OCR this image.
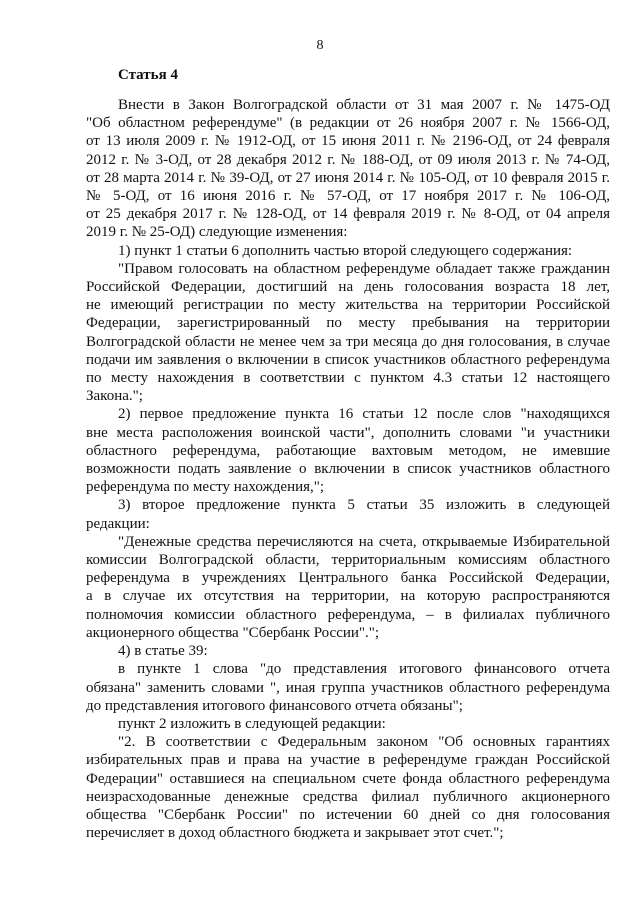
8
Статья 4
Внести в Закон Волгоградской области от 31 мая 2007 г. № 1475-ОД
"Об областном референдуме" (в редакции от 26 ноября 2007 г. № 1566-ОД,
от 13 июля 2009 г. № 1912-ОД, от 15 июня 2011 г. № 2196-ОД, от 24 февраля
2012 г. № 3-ОД, от 28 декабря 2012 г. № 188-ОД, от 09 июля 2013 г. № 74-ОД,
от 28 марта 2014 г. № 39-ОД, от 27 июня 2014 г. № 105-ОД, от 10 февраля 2015 г.
№ 5-ОД, от 16 июня 2016 г. № 57-ОД, от 17 ноября 2017 г. № 106-ОД,
от 25 декабря 2017 г. № 128-ОД, от 14 февраля 2019 г. № 8-ОД, от 04 апреля
2019 г. № 25-ОД) следующие изменения:
1) пункт 1 статьи 6 дополнить частью второй следующего содержания:
"Правом голосовать на областном референдуме обладает также гражданин
Российской Федерации, достигший на день голосования возраста 18 лет,
не имеющий регистрации по месту жительства на территории Российской
Федерации, зарегистрированный по месту пребывания на территории
Волгоградской области не менее чем за три месяца до дня голосования, в случае
подачи им заявления о включении в список участников областного референдума
по месту нахождения в соответствии с пунктом 4.3 статьи 12 настоящего
Закона.";
2) первое предложение пункта 16 статьи 12 после слов "находящихся
вне места расположения воинской части", дополнить словами "и участники
областного референдума, работающие вахтовым методом, не имевшие
возможности подать заявление о включении в список участников областного
референдума по месту нахождения,";
3) второе предложение пункта 5 статьи 35 изложить в следующей
редакции:
"Денежные средства перечисляются на счета, открываемые Избирательной
комиссии Волгоградской области, территориальным комиссиям областного
референдума в учреждениях Центрального банка Российской Федерации,
а в случае их отсутствия на территории, на которую распространяются
полномочия комиссии областного референдума, – в филиалах публичного
акционерного общества "Сбербанк России".";
4) в статье 39:
в пункте 1 слова "до представления итогового финансового отчета
обязана" заменить словами ", иная группа участников областного референдума
до представления итогового финансового отчета обязаны";
пункт 2 изложить в следующей редакции:
"2. В соответствии с Федеральным законом "Об основных гарантиях
избирательных прав и права на участие в референдуме граждан Российской
Федерации" оставшиеся на специальном счете фонда областного референдума
неизрасходованные денежные средства филиал публичного акционерного
общества "Сбербанк России" по истечении 60 дней со дня голосования
перечисляет в доход областного бюджета и закрывает этот счет.";
